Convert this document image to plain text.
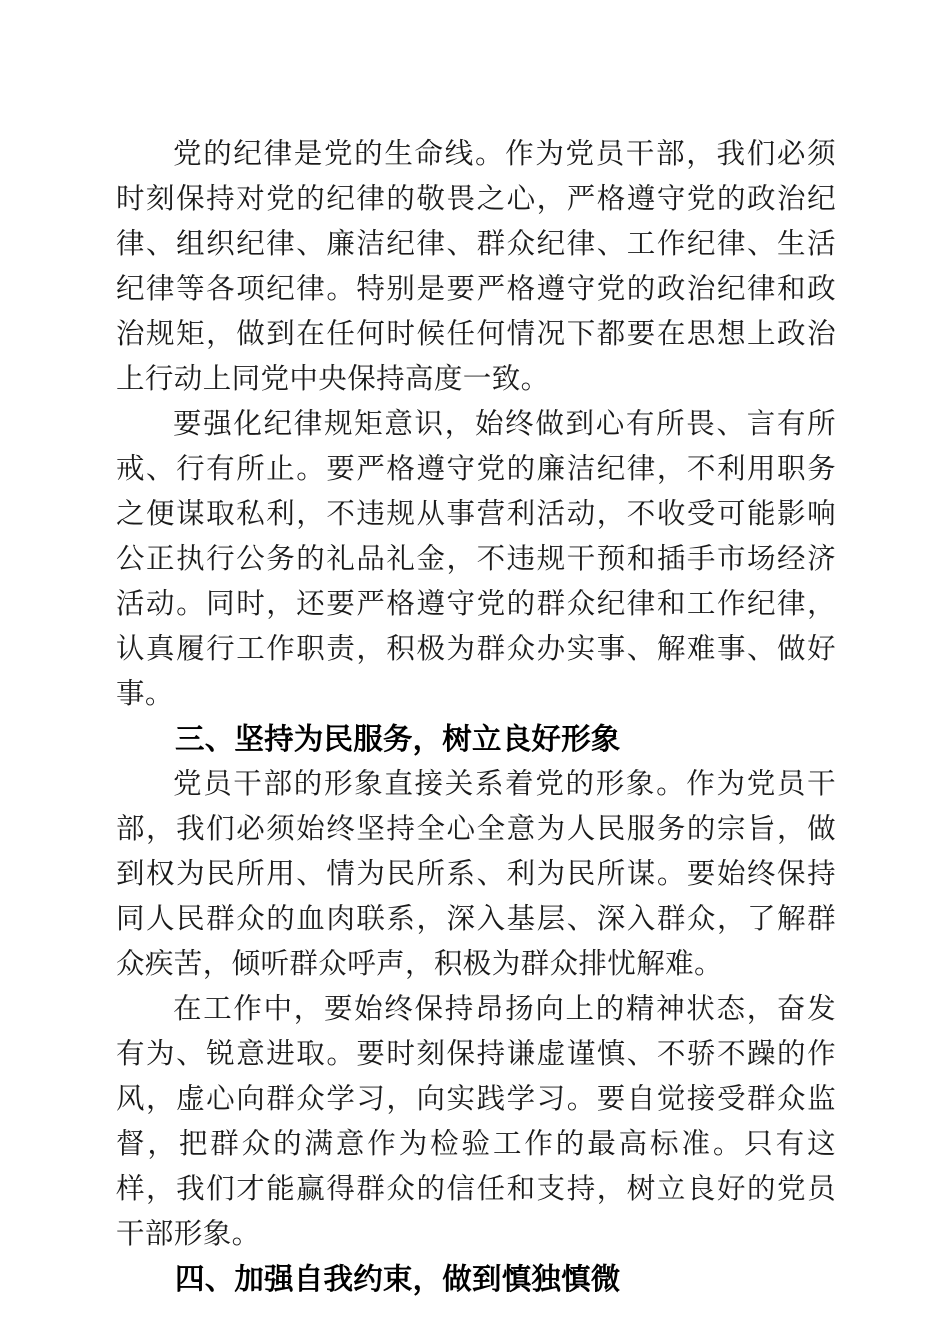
党的纪律是党的生命线。作为党员干部，我们必须时刻保持对党的纪律的敬畏之心，严格遵守党的政治纪律、组织纪律、廉洁纪律、群众纪律、工作纪律、生活纪律等各项纪律。特别是要严格遵守党的政治纪律和政治规矩，做到在任何时候任何情况下都要在思想上政治上行动上同党中央保持高度一致。

要强化纪律规矩意识，始终做到心有所畏、言有所戒、行有所止。要严格遵守党的廉洁纪律，不利用职务之便谋取私利，不违规从事营利活动，不收受可能影响公正执行公务的礼品礼金，不违规干预和插手市场经济活动。同时，还要严格遵守党的群众纪律和工作纪律，认真履行工作职责，积极为群众办实事、解难事、做好事。

三、坚持为民服务，树立良好形象

党员干部的形象直接关系着党的形象。作为党员干部，我们必须始终坚持全心全意为人民服务的宗旨，做到权为民所用、情为民所系、利为民所谋。要始终保持同人民群众的血肉联系，深入基层、深入群众，了解群众疾苦，倾听群众呼声，积极为群众排忧解难。

在工作中，要始终保持昂扬向上的精神状态，奋发有为、锐意进取。要时刻保持谦虚谨慎、不骄不躁的作风，虚心向群众学习，向实践学习。要自觉接受群众监督，把群众的满意作为检验工作的最高标准。只有这样，我们才能赢得群众的信任和支持，树立良好的党员干部形象。

四、加强自我约束，做到慎独慎微
